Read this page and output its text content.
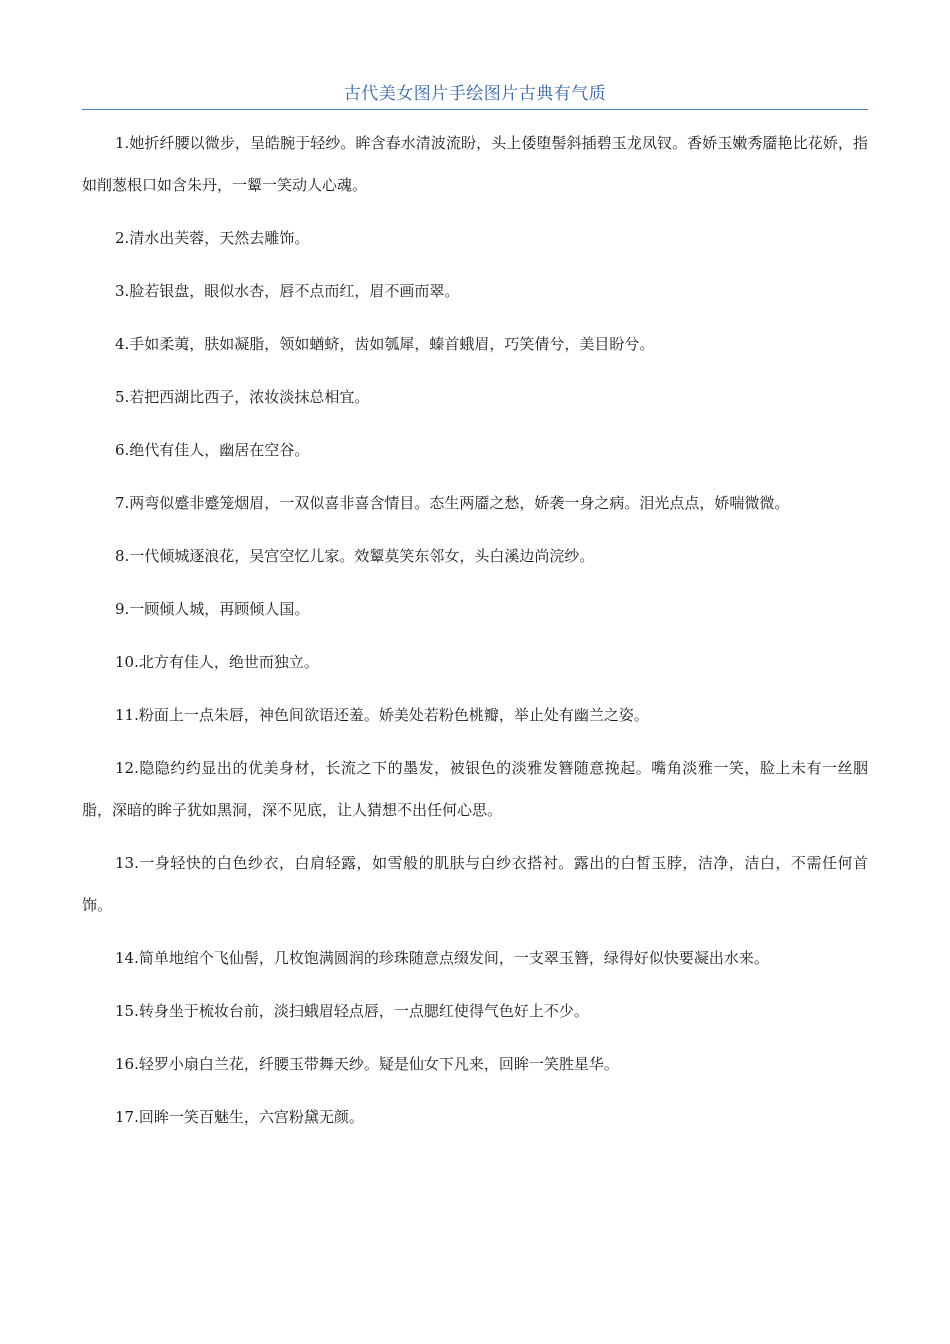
古代美女图片手绘图片古典有气质

1.她折纤腰以微步，呈皓腕于轻纱。眸含春水清波流盼，头上倭堕髻斜插碧玉龙凤钗。香娇玉嫩秀靥艳比花娇，指如削葱根口如含朱丹，一颦一笑动人心魂。

2.清水出芙蓉，天然去雕饰。

3.脸若银盘，眼似水杏，唇不点而红，眉不画而翠。

4.手如柔荑，肤如凝脂，领如蝤蛴，齿如瓠犀，螓首蛾眉，巧笑倩兮，美目盼兮。

5.若把西湖比西子，浓妆淡抹总相宜。

6.绝代有佳人，幽居在空谷。

7.两弯似蹙非蹙笼烟眉，一双似喜非喜含情目。态生两靥之愁，娇袭一身之病。泪光点点，娇喘微微。

8.一代倾城逐浪花，吴宫空忆儿家。效颦莫笑东邻女，头白溪边尚浣纱。

9.一顾倾人城，再顾倾人国。

10.北方有佳人，绝世而独立。

11.粉面上一点朱唇，神色间欲语还羞。娇美处若粉色桃瓣，举止处有幽兰之姿。

12.隐隐约约显出的优美身材，长流之下的墨发，被银色的淡雅发簪随意挽起。嘴角淡雅一笑，脸上未有一丝胭脂，深暗的眸子犹如黑洞，深不见底，让人猜想不出任何心思。

13.一身轻快的白色纱衣，白肩轻露，如雪般的肌肤与白纱衣搭衬。露出的白皙玉脖，洁净，洁白，不需任何首饰。

14.简单地绾个飞仙髻，几枚饱满圆润的珍珠随意点缀发间，一支翠玉簪，绿得好似快要凝出水来。

15.转身坐于梳妆台前，淡扫蛾眉轻点唇，一点腮红使得气色好上不少。

16.轻罗小扇白兰花，纤腰玉带舞天纱。疑是仙女下凡来，回眸一笑胜星华。

17.回眸一笑百魅生，六宫粉黛无颜。
